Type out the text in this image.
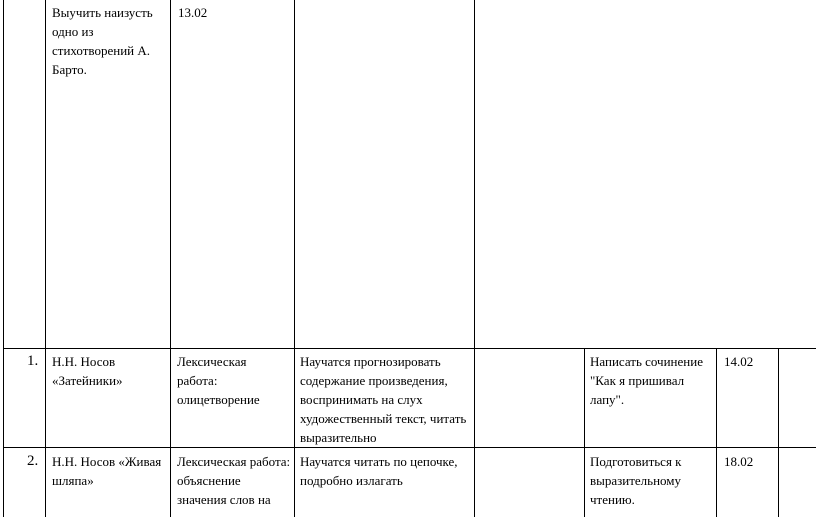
Выучить наизусть одно из стихотворений А. Барто.
13.02
1. Н.Н. Носов «Затейники»
Лексическая работа: олицетворение
Научатся прогнозировать содержание произведения, воспринимать на слух художественный текст, читать выразительно
Написать сочинение "Как я пришивал лапу".
14.02
2. Н.Н. Носов «Живая шляпа»
Лексическая работа: объяснение значения слов на
Научатся читать по цепочке, подробно излагать
Подготовиться к выразительному чтению.
18.02
